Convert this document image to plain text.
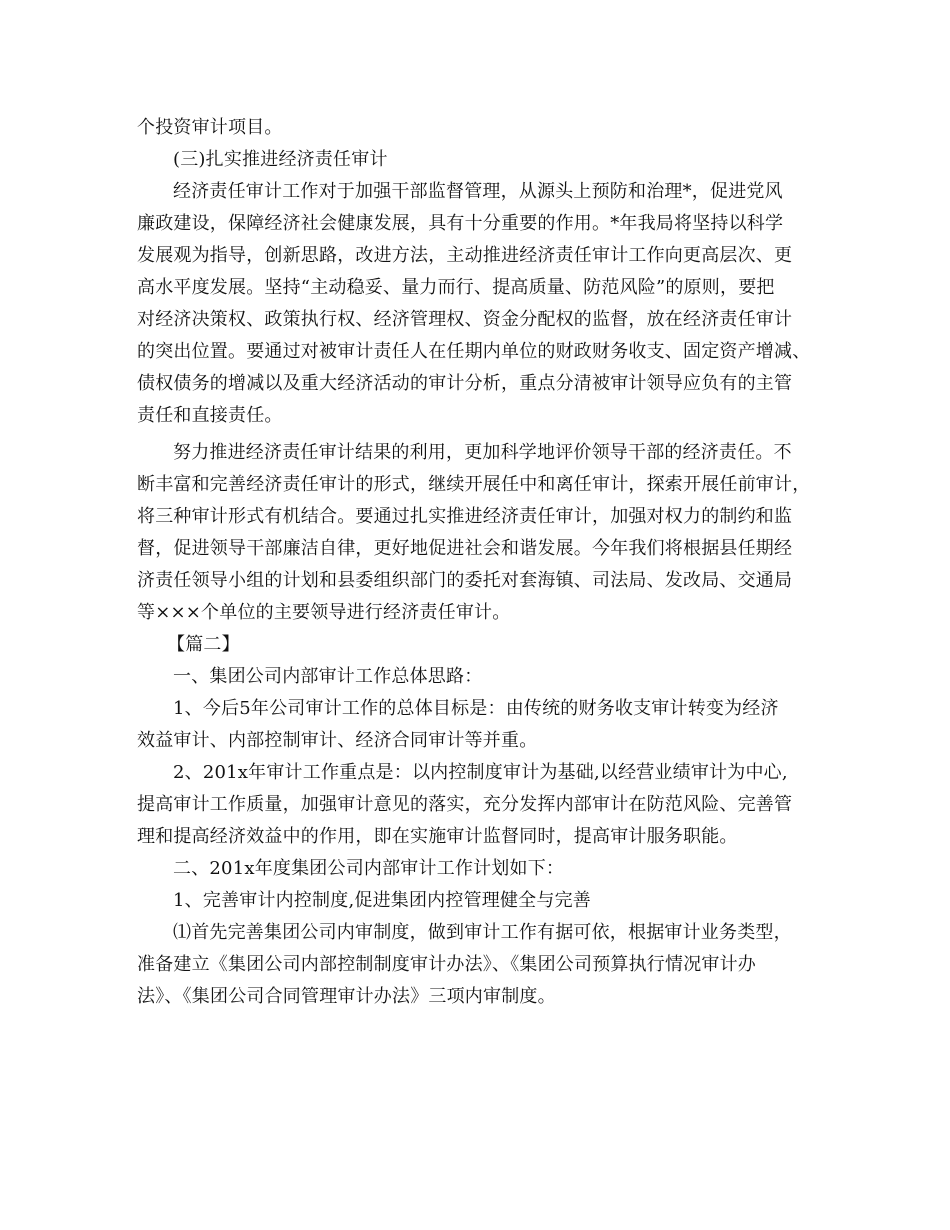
个投资审计项目。
(三)扎实推进经济责任审计
经济责任审计工作对于加强干部监督管理，从源头上预防和治理*，促进党风
廉政建设，保障经济社会健康发展，具有十分重要的作用。*年我局将坚持以科学
发展观为指导，创新思路，改进方法，主动推进经济责任审计工作向更高层次、更
高水平度发展。坚持“主动稳妥、量力而行、提高质量、防范风险”的原则，要把
对经济决策权、政策执行权、经济管理权、资金分配权的监督，放在经济责任审计
的突出位置。要通过对被审计责任人在任期内单位的财政财务收支、固定资产增减、
债权债务的增减以及重大经济活动的审计分析，重点分清被审计领导应负有的主管
责任和直接责任。
努力推进经济责任审计结果的利用，更加科学地评价领导干部的经济责任。不
断丰富和完善经济责任审计的形式，继续开展任中和离任审计，探索开展任前审计，
将三种审计形式有机结合。要通过扎实推进经济责任审计，加强对权力的制约和监
督，促进领导干部廉洁自律，更好地促进社会和谐发展。今年我们将根据县任期经
济责任领导小组的计划和县委组织部门的委托对套海镇、司法局、发改局、交通局
等×××个单位的主要领导进行经济责任审计。
【篇二】
一、集团公司内部审计工作总体思路：
1、今后5年公司审计工作的总体目标是：由传统的财务收支审计转变为经济
效益审计、内部控制审计、经济合同审计等并重。
2、201x年审计工作重点是：以内控制度审计为基础,以经营业绩审计为中心,
提高审计工作质量，加强审计意见的落实，充分发挥内部审计在防范风险、完善管
理和提高经济效益中的作用，即在实施审计监督同时，提高审计服务职能。
二、201x年度集团公司内部审计工作计划如下：
1、完善审计内控制度,促进集团内控管理健全与完善
⑴首先完善集团公司内审制度，做到审计工作有据可依，根据审计业务类型，
准备建立《集团公司内部控制制度审计办法》、《集团公司预算执行情况审计办
法》、《集团公司合同管理审计办法》三项内审制度。
